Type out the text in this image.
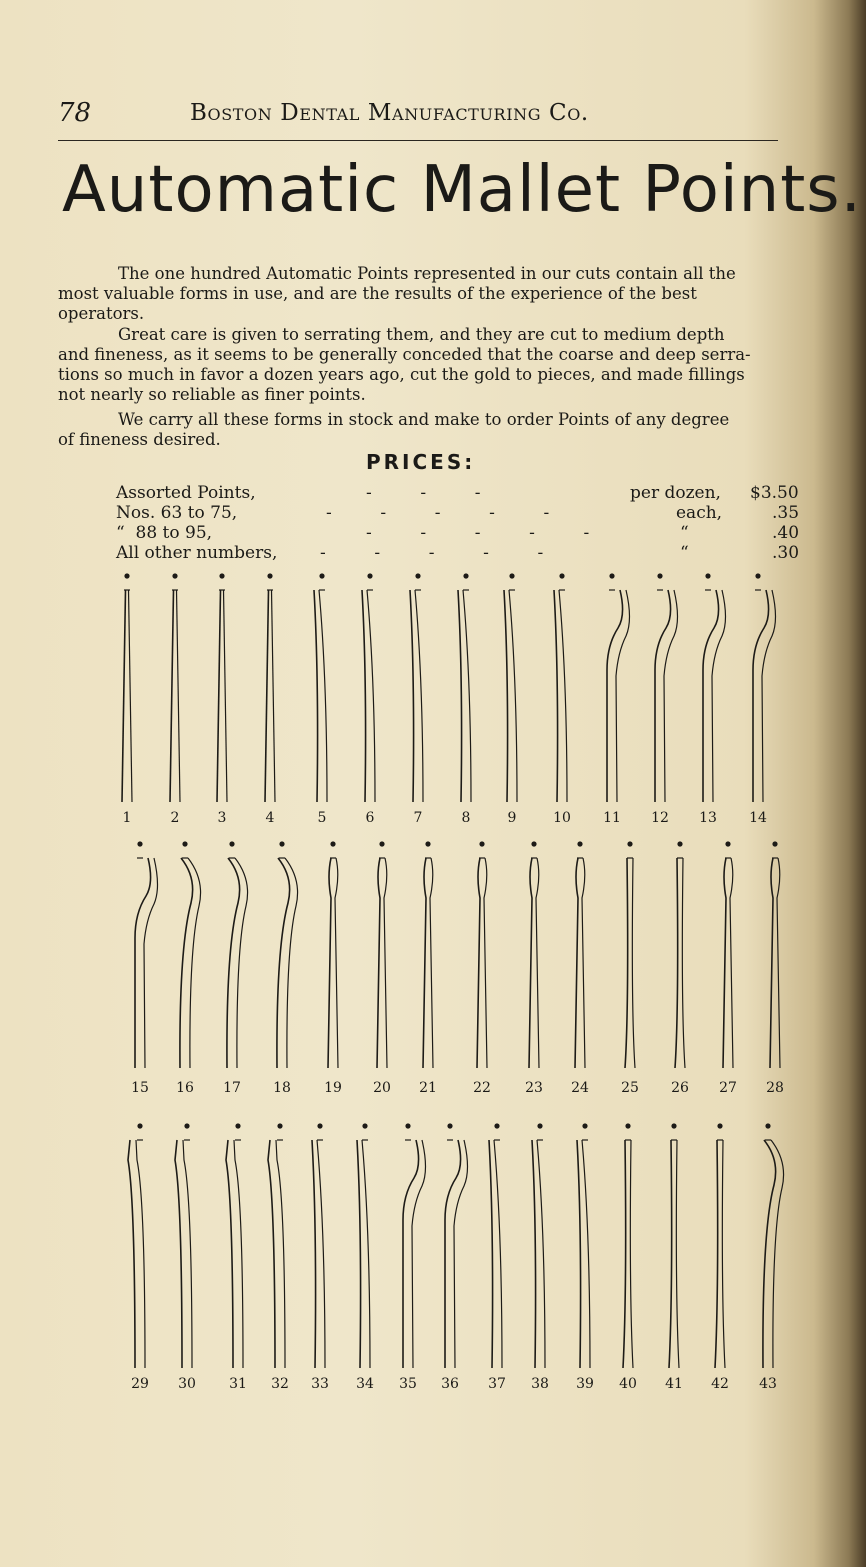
78	Boston Dental Manufacturing Co.
Automatic Mallet Points.
The one hundred Automatic Points represented in our cuts contain all the
most valuable forms in use, and are the results of the experience of the best
operators.
Great care is given to serrating them, and they are cut to medium depth
and fineness, as it seems to be generally conceded that the coarse and deep serra-
tions so much in favor a dozen years ago, cut the gold to pieces, and made fillings
not nearly so reliable as finer points.
We carry all these forms in stock and make to order Points of any degree
of fineness desired.
PRICES:
Assorted Points,	-         -         -	per dozen, $3.50
Nos. 63 to 75,	-         -         -         -         -	each,	.35
“  88 to 95,	-         -         -         -         -	“	.40
All other numbers,	-         -         -         -         -	“	.30
1	2	3	4	5	6	7	8	9	10	11	12	13	14
15	16	17	18	19	20	21	22	23	24	25	26	27	28
29	30	31	32	33	34	35	36	37	38	39	40	41	42	43
